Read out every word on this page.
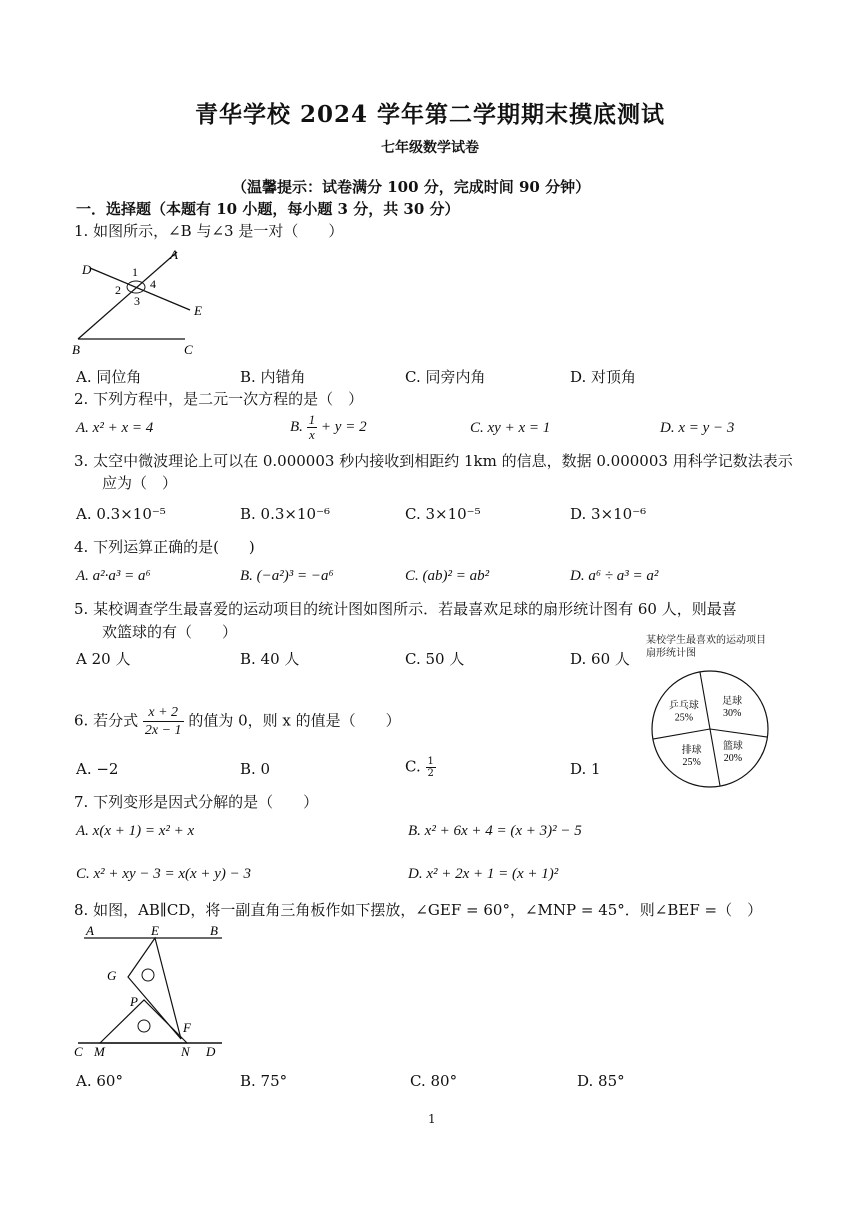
青华学校 2024 学年第二学期期末摸底测试
七年级数学试卷
（温馨提示：试卷满分 100 分，完成时间 90 分钟）
一．选择题（本题有 10 小题，每小题 3 分，共 30 分）
1. 如图所示，∠B 与∠3 是一对（　　）
A
D	1
2 4
3
E
B	C
A. 同位角	B. 内错角	C. 同旁内角	D. 对顶角
2. 下列方程中，是二元一次方程的是（　）
A. x² + x = 4	B. $\frac{1}{x} + y = 2$	C. xy + x = 1	D. x = y − 3
3. 太空中微波理论上可以在 0.000003 秒内接收到相距约 1km 的信息，数据 0.000003 用科学记数法表示
应为（　）
A. 0.3×10⁻⁵	B. 0.3×10⁻⁶	C. 3×10⁻⁵	D. 3×10⁻⁶
4. 下列运算正确的是(　　)
A. a²·a³ = a⁶	B. (−a²)³ = −a⁶	C. (ab)² = ab²	D. a⁶ ÷ a³ = a²
5. 某校调查学生最喜爱的运动项目的统计图如图所示．若最喜欢足球的扇形统计图有 60 人，则最喜
欢篮球的有（　　）
A 20 人	B. 40 人	C. 50 人	D. 60 人
某校学生最喜欢的运动项目
扇形统计图
足球
30%
篮球
20%
排球
25%
乒乓球
25%
6. 若分式 $\frac{x + 2}{2x - 1}$ 的值为 0，则 x 的值是（　　）
A. −2	B. 0	C. $\frac{1}{2}$	D. 1
7. 下列变形是因式分解的是（　　）
A. x(x + 1) = x² + x	B. x² + 6x + 4 = (x + 3)² − 5
C. x² + xy − 3 = x(x + y) − 3	D. x² + 2x + 1 = (x + 1)²
8. 如图，AB∥CD，将一副直角三角板作如下摆放，∠GEF = 60°，∠MNP = 45°．则∠BEF =（　）
A	E	B
G
P
F
C M	N D
A. 60°	B. 75°	C. 80°	D. 85°
1
